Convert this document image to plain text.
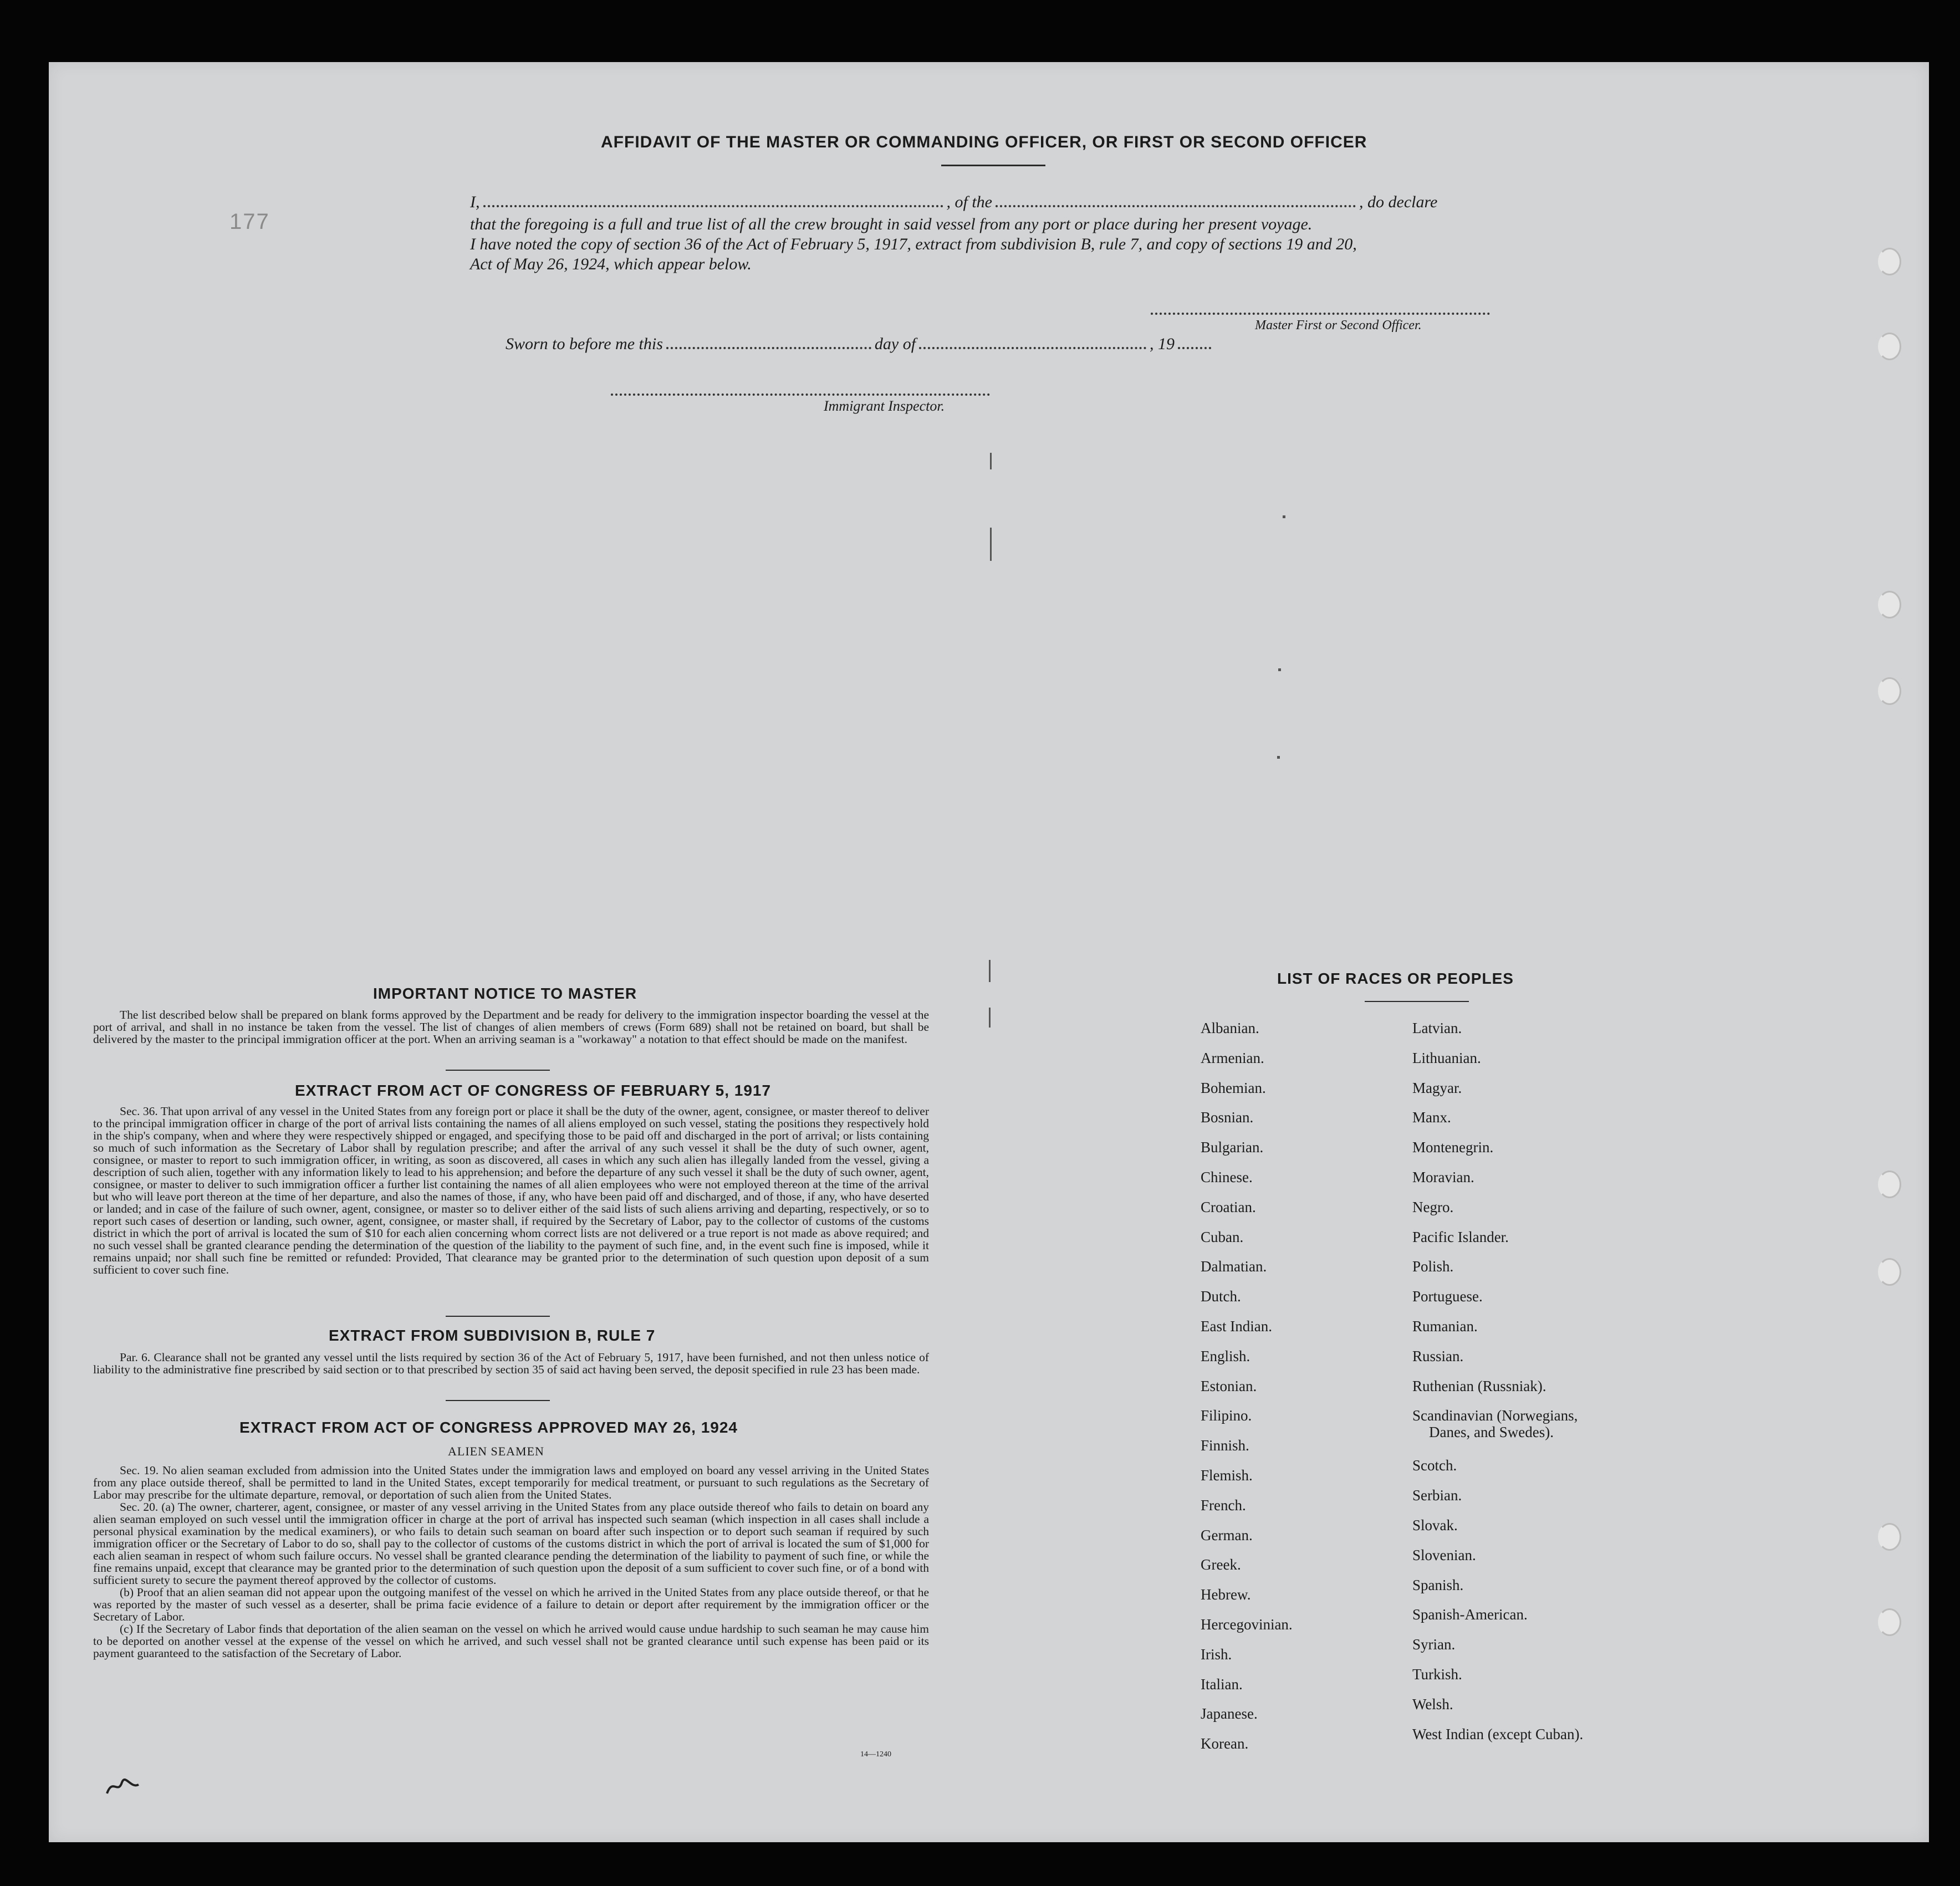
177
AFFIDAVIT OF THE MASTER OR COMMANDING OFFICER, OR FIRST OR SECOND OFFICER
I,	, of the	, do declare
that the foregoing is a full and true list of all the crew brought in said vessel from any port or place during her present voyage.
I have noted the copy of section 36 of the Act of February 5, 1917, extract from subdivision B, rule 7, and copy of sections 19 and 20,
Act of May 26, 1924, which appear below.
Master First or Second Officer.
Sworn to before me this	day of	, 19
Immigrant Inspector.
IMPORTANT NOTICE TO MASTER

The list described below shall be prepared on blank forms approved by the Department and be ready for delivery to the immigration inspector boarding the vessel at the port of arrival, and shall in no instance be taken from the vessel. The list of changes of alien members of crews (Form 689) shall not be retained on board, but shall be delivered by the master to the principal immigration officer at the port. When an arriving seaman is a "workaway" a notation to that effect should be made on the manifest.

EXTRACT FROM ACT OF CONGRESS OF FEBRUARY 5, 1917

Sec. 36. That upon arrival of any vessel in the United States from any foreign port or place it shall be the duty of the owner, agent, consignee, or master thereof to deliver to the principal immigration officer in charge of the port of arrival lists containing the names of all aliens employed on such vessel, stating the positions they respectively hold in the ship's company, when and where they were respectively shipped or engaged, and specifying those to be paid off and discharged in the port of arrival; or lists containing so much of such information as the Secretary of Labor shall by regulation prescribe; and after the arrival of any such vessel it shall be the duty of such owner, agent, consignee, or master to report to such immigration officer, in writing, as soon as discovered, all cases in which any such alien has illegally landed from the vessel, giving a description of such alien, together with any information likely to lead to his apprehension; and before the departure of any such vessel it shall be the duty of such owner, agent, consignee, or master to deliver to such immigration officer a further list containing the names of all alien employees who were not employed thereon at the time of the arrival but who will leave port thereon at the time of her departure, and also the names of those, if any, who have been paid off and discharged, and of those, if any, who have deserted or landed; and in case of the failure of such owner, agent, consignee, or master so to deliver either of the said lists of such aliens arriving and departing, respectively, or so to report such cases of desertion or landing, such owner, agent, consignee, or master shall, if required by the Secretary of Labor, pay to the collector of customs of the customs district in which the port of arrival is located the sum of $10 for each alien concerning whom correct lists are not delivered or a true report is not made as above required; and no such vessel shall be granted clearance pending the determination of the question of the liability to the payment of such fine, and, in the event such fine is imposed, while it remains unpaid; nor shall such fine be remitted or refunded: Provided, That clearance may be granted prior to the determination of such question upon deposit of a sum sufficient to cover such fine.

EXTRACT FROM SUBDIVISION B, RULE 7

Par. 6. Clearance shall not be granted any vessel until the lists required by section 36 of the Act of February 5, 1917, have been furnished, and not then unless notice of liability to the administrative fine prescribed by said section or to that prescribed by section 35 of said act having been served, the deposit specified in rule 23 has been made.

EXTRACT FROM ACT OF CONGRESS APPROVED MAY 26, 1924
ALIEN SEAMEN

Sec. 19. No alien seaman excluded from admission into the United States under the immigration laws and employed on board any vessel arriving in the United States from any place outside thereof, shall be permitted to land in the United States, except temporarily for medical treatment, or pursuant to such regulations as the Secretary of Labor may prescribe for the ultimate departure, removal, or deportation of such alien from the United States.

Sec. 20. (a) The owner, charterer, agent, consignee, or master of any vessel arriving in the United States from any place outside thereof who fails to detain on board any alien seaman employed on such vessel until the immigration officer in charge at the port of arrival has inspected such seaman (which inspection in all cases shall include a personal physical examination by the medical examiners), or who fails to detain such seaman on board after such inspection or to deport such seaman if required by such immigration officer or the Secretary of Labor to do so, shall pay to the collector of customs of the customs district in which the port of arrival is located the sum of $1,000 for each alien seaman in respect of whom such failure occurs. No vessel shall be granted clearance pending the determination of the liability to payment of such fine, or while the fine remains unpaid, except that clearance may be granted prior to the determination of such question upon the deposit of a sum sufficient to cover such fine, or of a bond with sufficient surety to secure the payment thereof approved by the collector of customs.

(b) Proof that an alien seaman did not appear upon the outgoing manifest of the vessel on which he arrived in the United States from any place outside thereof, or that he was reported by the master of such vessel as a deserter, shall be prima facie evidence of a failure to detain or deport after requirement by the immigration officer or the Secretary of Labor.

(c) If the Secretary of Labor finds that deportation of the alien seaman on the vessel on which he arrived would cause undue hardship to such seaman he may cause him to be deported on another vessel at the expense of the vessel on which he arrived, and such vessel shall not be granted clearance until such expense has been paid or its payment guaranteed to the satisfaction of the Secretary of Labor.

14—1240
LIST OF RACES OR PEOPLES
Albanian.
Armenian.
Bohemian.
Bosnian.
Bulgarian.
Chinese.
Croatian.
Cuban.
Dalmatian.
Dutch.
East Indian.
English.
Estonian.
Filipino.
Finnish.
Flemish.
French.
German.
Greek.
Hebrew.
Hercegovinian.
Irish.
Italian.
Japanese.
Korean.
Latvian.
Lithuanian.
Magyar.
Manx.
Montenegrin.
Moravian.
Negro.
Pacific Islander.
Polish.
Portuguese.
Rumanian.
Russian.
Ruthenian (Russniak).
Scandinavian (Norwegians,
Danes, and Swedes).
Scotch.
Serbian.
Slovak.
Slovenian.
Spanish.
Spanish-American.
Syrian.
Turkish.
Welsh.
West Indian (except Cuban).
